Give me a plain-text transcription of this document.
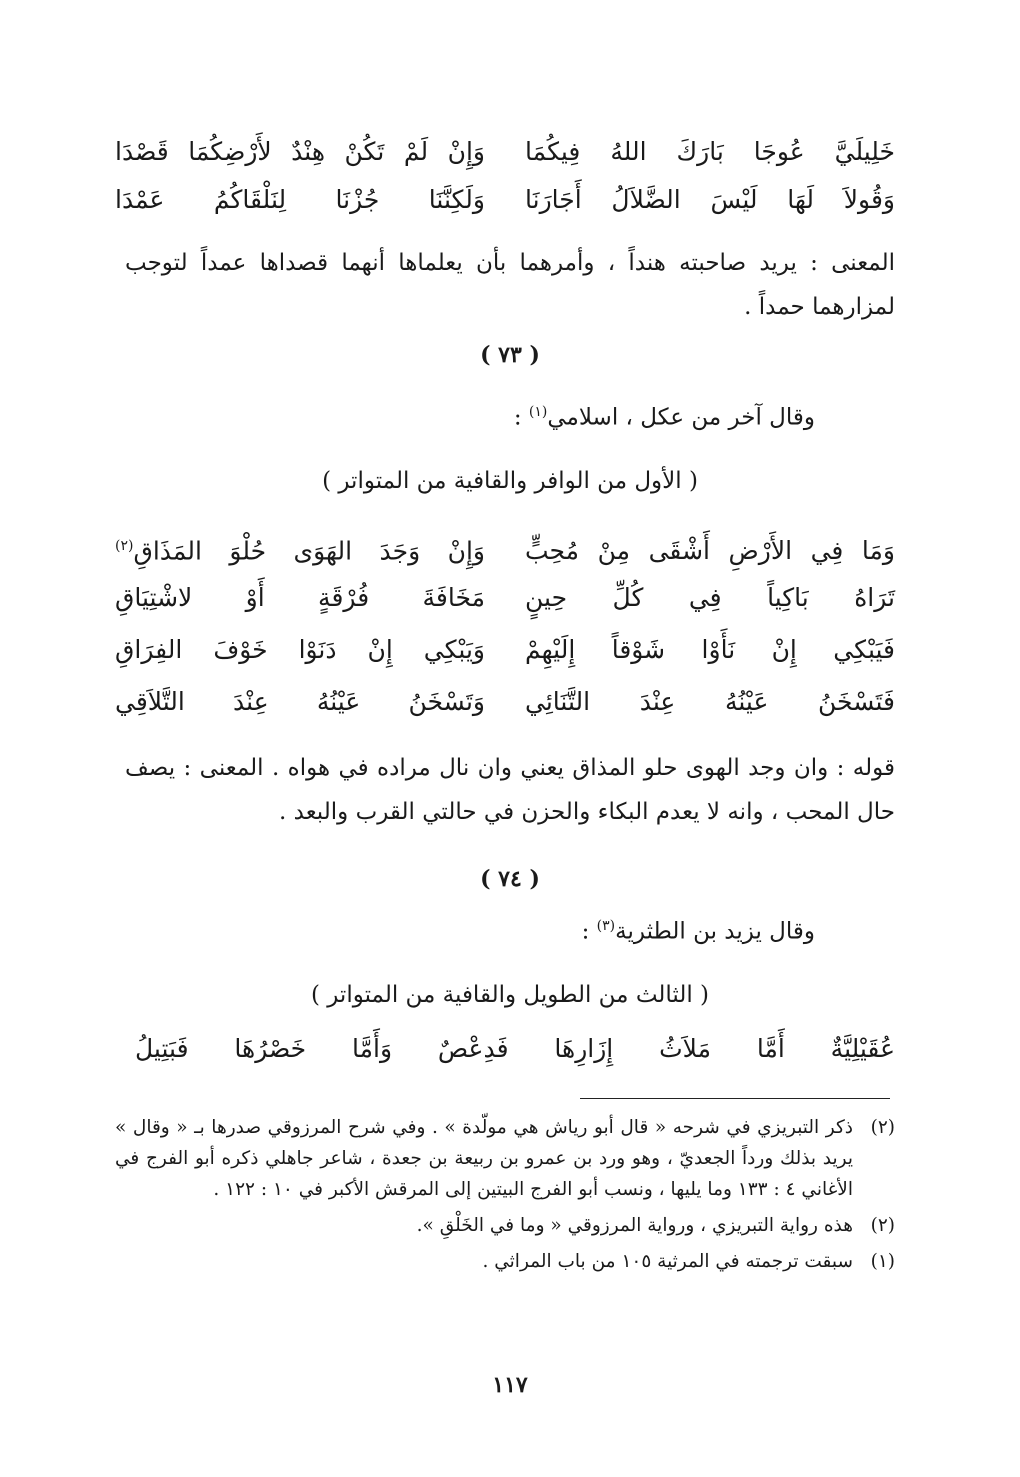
خَلِيلَيَّ عُوجَا بَارَكَ اللهُ فِيكُمَا
وَإِنْ لَمْ تَكُنْ هِنْدٌ لأَرْضِكُمَا قَصْدَا
وَقُولاَ لَهَا لَيْسَ الضَّلاَلُ أَجَارَنَا
وَلَكِنَّنَا جُزْنَا لِنَلْقَاكُمُ عَمْدَا
المعنى : يريد صاحبته هنداً ، وأمرهما بأن يعلماها أنهما قصداها عمداً لتوجب لمزارهما حمداً .
( ٧٣ )
وقال آخر من عكل ، اسلامي$^{(١)}$ :
( الأول من الوافر والقافية من المتواتر )
وَمَا فِي الأَرْضِ أَشْقَى مِنْ مُحِبٍّ
وَإِنْ وَجَدَ الهَوَى حُلْوَ المَذَاقِ$^{(٢)}$
تَرَاهُ بَاكِياً فِي كُلِّ حِينٍ
مَخَافَةَ فُرْقَةٍ أَوْ لاشْتِيَاقِ
فَيَبْكِي إِنْ نَأَوْا شَوْقاً إِلَيْهِمْ
وَيَبْكِي إِنْ دَنَوْا خَوْفَ الفِرَاقِ
فَتَسْخَنُ عَيْنُهُ عِنْدَ التَّنَائِي
وَتَسْخَنُ عَيْنُهُ عِنْدَ التَّلاَقِي
قوله : وان وجد الهوى حلو المذاق يعني وان نال مراده في هواه . المعنى : يصف حال المحب ، وانه لا يعدم البكاء والحزن في حالتي القرب والبعد .
( ٧٤ )
وقال يزيد بن الطثرية$^{(٣)}$ :
( الثالث من الطويل والقافية من المتواتر )
عُقَيْلِيَّةٌ أَمَّا مَلاَثُ إِزَارِهَا فَدِعْصٌ وَأَمَّا خَصْرُهَا فَبَتِيلُ
(٢)
ذكر التبريزي في شرحه « قال أبو رياش هي مولّدة » . وفي شرح المرزوقي صدرها بـ « وقال » يريد بذلك ورداً الجعديّ ، وهو ورد بن عمرو بن ربيعة بن جعدة ، شاعر جاهلي ذكره أبو الفرج في الأغاني ٤ : ١٣٣ وما يليها ، ونسب أبو الفرج البيتين إلى المرقش الأكبر في ١٠ : ١٢٢ .
(٢)
هذه رواية التبريزي ، ورواية المرزوقي « وما في الخَلْقِ ».
(١)
سبقت ترجمته في المرثية ١٠٥ من باب المراثي .
١١٧
